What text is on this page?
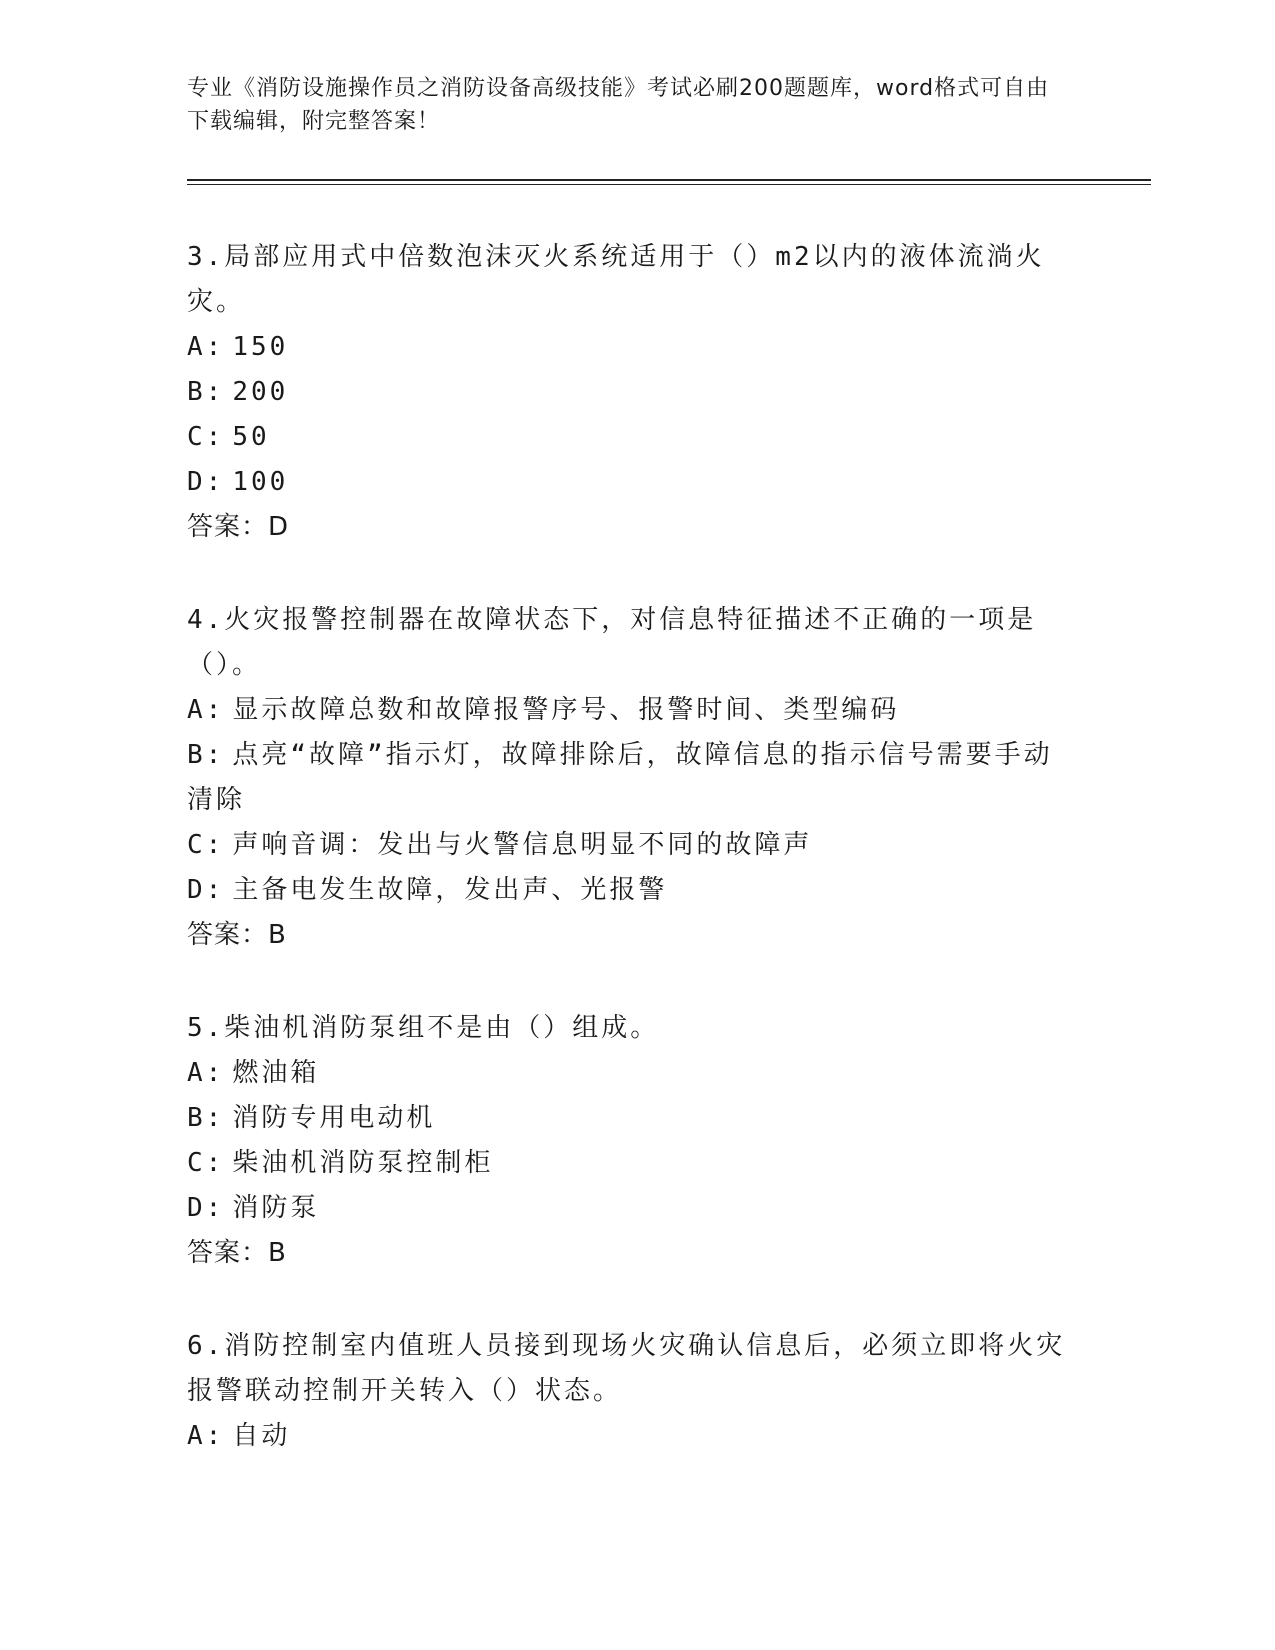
专业《消防设施操作员之消防设备高级技能》考试必刷200题题库，word格式可自由下载编辑，附完整答案！
3.局部应用式中倍数泡沫灭火系统适用于（）m2以内的液体流淌火灾。
A: 150
B: 200
C: 50
D: 100
答案：D
4.火灾报警控制器在故障状态下，对信息特征描述不正确的一项是（）。
A: 显示故障总数和故障报警序号、报警时间、类型编码
B: 点亮“故障”指示灯，故障排除后，故障信息的指示信号需要手动清除
C: 声响音调：发出与火警信息明显不同的故障声
D: 主备电发生故障，发出声、光报警
答案：B
5.柴油机消防泵组不是由（）组成。
A: 燃油箱
B: 消防专用电动机
C: 柴油机消防泵控制柜
D: 消防泵
答案：B
6.消防控制室内值班人员接到现场火灾确认信息后，必须立即将火灾报警联动控制开关转入（）状态。
A: 自动
